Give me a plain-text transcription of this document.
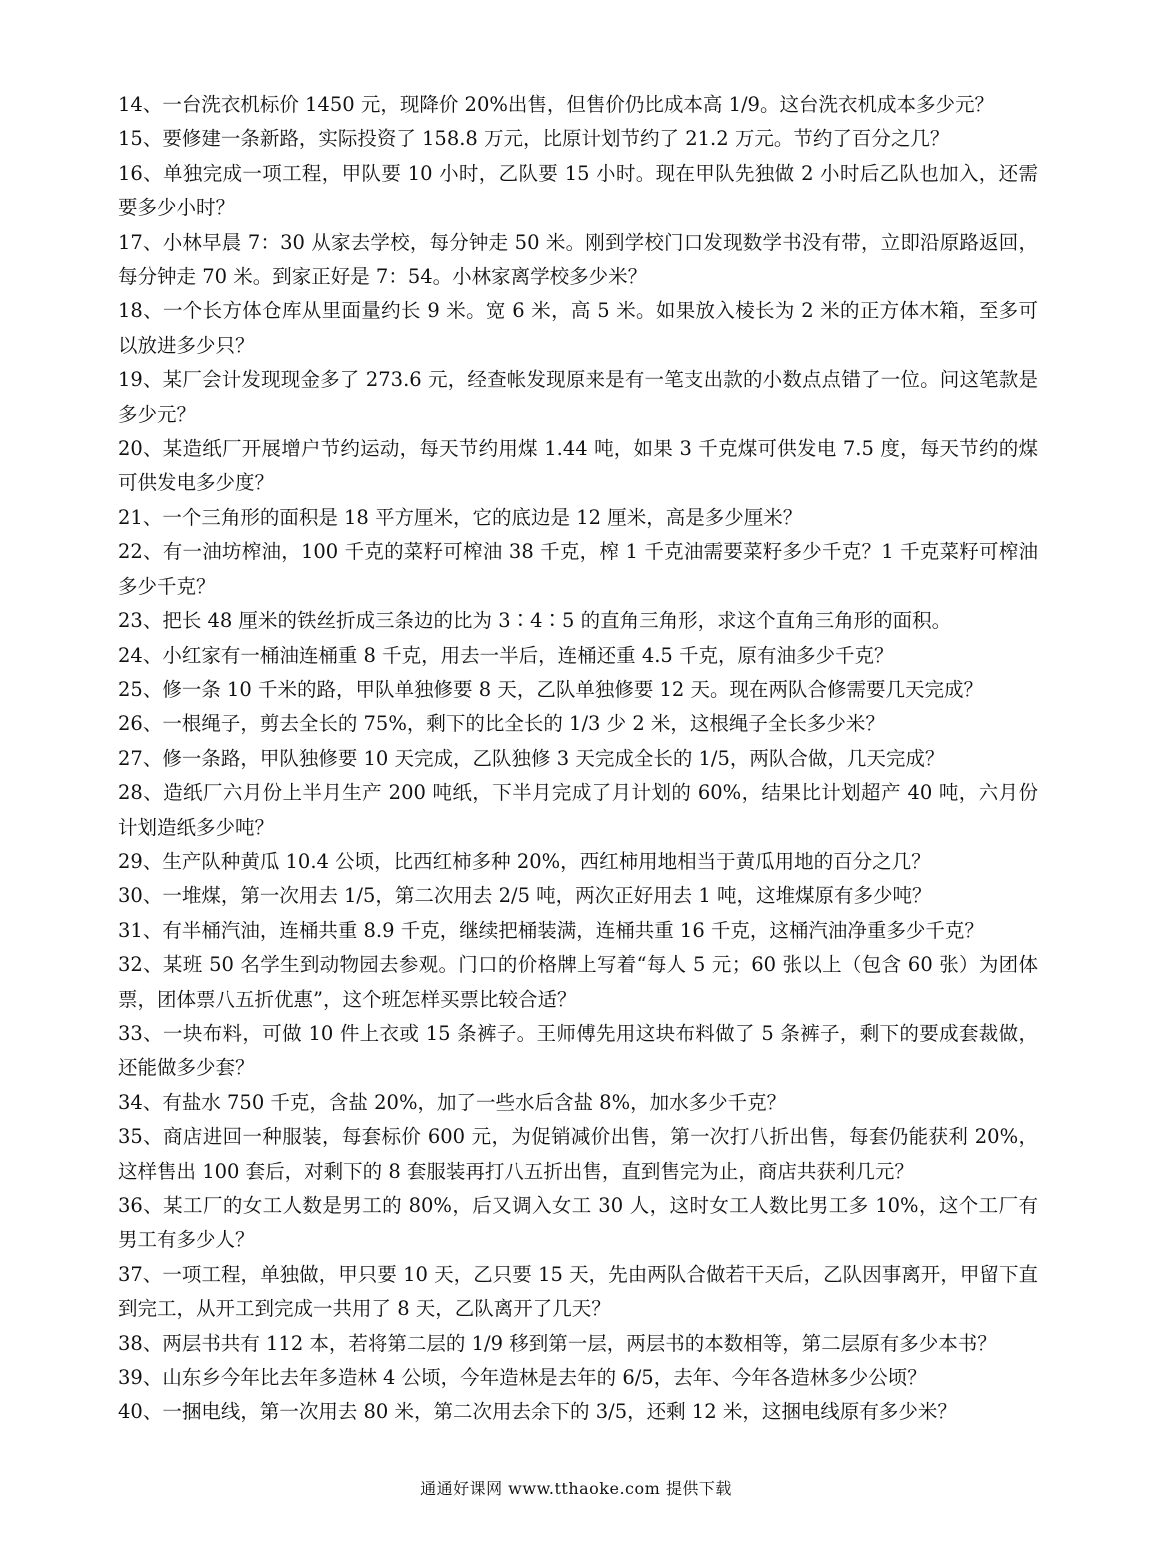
14、一台洗衣机标价 1450 元，现降价 20%出售，但售价仍比成本高 1/9。这台洗衣机成本多少元？

15、要修建一条新路，实际投资了 158.8 万元，比原计划节约了 21.2 万元。节约了百分之几？

16、单独完成一项工程，甲队要 10 小时，乙队要 15 小时。现在甲队先独做 2 小时后乙队也加入，还需要多少小时？

17、小林早晨 7：30 从家去学校，每分钟走 50 米。刚到学校门口发现数学书没有带，立即沿原路返回，每分钟走 70 米。到家正好是 7：54。小林家离学校多少米？

18、一个长方体仓库从里面量约长 9 米。宽 6 米，高 5 米。如果放入棱长为 2 米的正方体木箱，至多可以放进多少只？

19、某厂会计发现现金多了 273.6 元，经查帐发现原来是有一笔支出款的小数点点错了一位。问这笔款是多少元？

20、某造纸厂开展增户节约运动，每天节约用煤 1.44 吨，如果 3 千克煤可供发电 7.5 度，每天节约的煤可供发电多少度？

21、一个三角形的面积是 18 平方厘米，它的底边是 12 厘米，高是多少厘米？

22、有一油坊榨油，100 千克的菜籽可榨油 38 千克，榨 1 千克油需要菜籽多少千克？1 千克菜籽可榨油多少千克？

23、把长 48 厘米的铁丝折成三条边的比为 3∶4∶5 的直角三角形，求这个直角三角形的面积。

24、小红家有一桶油连桶重 8 千克，用去一半后，连桶还重 4.5 千克，原有油多少千克？

25、修一条 10 千米的路，甲队单独修要 8 天，乙队单独修要 12 天。现在两队合修需要几天完成？

26、一根绳子，剪去全长的 75%，剩下的比全长的 1/3 少 2 米，这根绳子全长多少米？

27、修一条路，甲队独修要 10 天完成，乙队独修 3 天完成全长的 1/5，两队合做，几天完成？

28、造纸厂六月份上半月生产 200 吨纸，下半月完成了月计划的 60%，结果比计划超产 40 吨，六月份计划造纸多少吨？

29、生产队种黄瓜 10.4 公顷，比西红柿多种 20%，西红柿用地相当于黄瓜用地的百分之几？

30、一堆煤，第一次用去 1/5，第二次用去 2/5 吨，两次正好用去 1 吨，这堆煤原有多少吨？

31、有半桶汽油，连桶共重 8.9 千克，继续把桶装满，连桶共重 16 千克，这桶汽油净重多少千克？

32、某班 50 名学生到动物园去参观。门口的价格牌上写着“每人 5 元；60 张以上（包含 60 张）为团体票，团体票八五折优惠”，这个班怎样买票比较合适？

33、一块布料，可做 10 件上衣或 15 条裤子。王师傅先用这块布料做了 5 条裤子，剩下的要成套裁做，还能做多少套？

34、有盐水 750 千克，含盐 20%，加了一些水后含盐 8%，加水多少千克？

35、商店进回一种服装，每套标价 600 元，为促销减价出售，第一次打八折出售，每套仍能获利 20%，这样售出 100 套后，对剩下的 8 套服装再打八五折出售，直到售完为止，商店共获利几元？

36、某工厂的女工人数是男工的 80%，后又调入女工 30 人，这时女工人数比男工多 10%，这个工厂有男工有多少人？

37、一项工程，单独做，甲只要 10 天，乙只要 15 天，先由两队合做若干天后，乙队因事离开，甲留下直到完工，从开工到完成一共用了 8 天，乙队离开了几天？

38、两层书共有 112 本，若将第二层的 1/9 移到第一层，两层书的本数相等，第二层原有多少本书？

39、山东乡今年比去年多造林 4 公顷，今年造林是去年的 6/5，去年、今年各造林多少公顷？

40、一捆电线，第一次用去 80 米，第二次用去余下的 3/5，还剩 12 米，这捆电线原有多少米？

通通好课网 www.tthaoke.com 提供下载
